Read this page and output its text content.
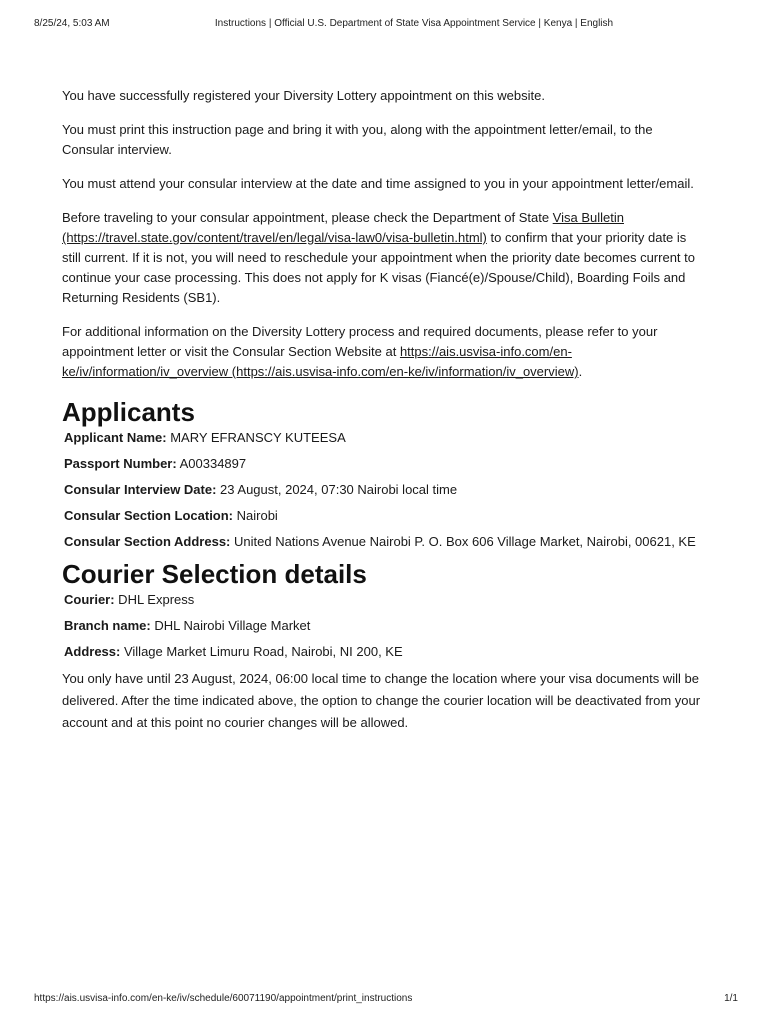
8/25/24, 5:03 AM	Instructions | Official U.S. Department of State Visa Appointment Service | Kenya | English

You have successfully registered your Diversity Lottery appointment on this website.

You must print this instruction page and bring it with you, along with the appointment letter/email, to the Consular interview.

You must attend your consular interview at the date and time assigned to you in your appointment letter/email.

Before traveling to your consular appointment, please check the Department of State Visa Bulletin (https://travel.state.gov/content/travel/en/legal/visa-law0/visa-bulletin.html) to confirm that your priority date is still current. If it is not, you will need to reschedule your appointment when the priority date becomes current to continue your case processing. This does not apply for K visas (Fiancé(e)/Spouse/Child), Boarding Foils and Returning Residents (SB1).

For additional information on the Diversity Lottery process and required documents, please refer to your appointment letter or visit the Consular Section Website at https://ais.usvisa-info.com/en-ke/iv/information/iv_overview (https://ais.usvisa-info.com/en-ke/iv/information/iv_overview).

Applicants
Applicant Name: MARY EFRANSCY KUTEESA
Passport Number: A00334897
Consular Interview Date: 23 August, 2024, 07:30 Nairobi local time
Consular Section Location: Nairobi
Consular Section Address: United Nations Avenue Nairobi P. O. Box 606 Village Market, Nairobi, 00621, KE
Courier Selection details
Courier: DHL Express
Branch name: DHL Nairobi Village Market
Address: Village Market Limuru Road, Nairobi, NI 200, KE

You only have until 23 August, 2024, 06:00 local time to change the location where your visa documents will be delivered. After the time indicated above, the option to change the courier location will be deactivated from your account and at this point no courier changes will be allowed.

https://ais.usvisa-info.com/en-ke/iv/schedule/60071190/appointment/print_instructions	1/1
